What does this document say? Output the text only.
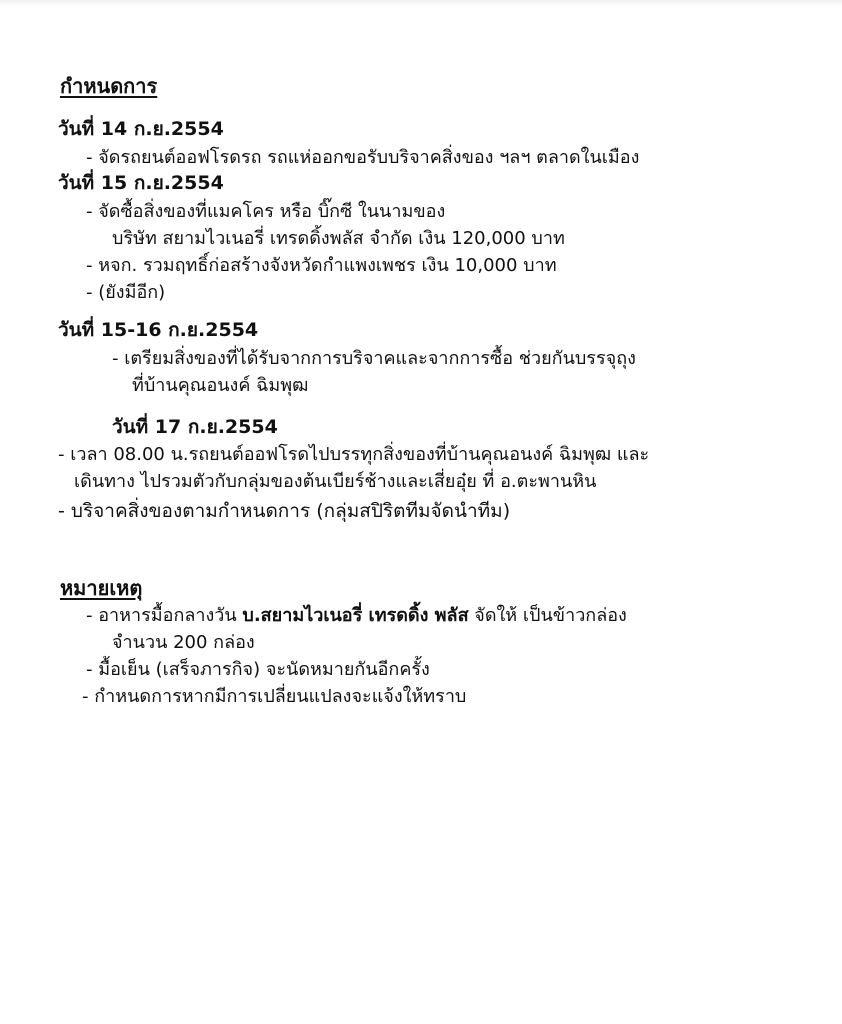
กำหนดการ
วันที่ 14 ก.ย.2554
- จัดรถยนต์ออฟโรดรถ รถแห่ออกขอรับบริจาคสิ่งของ ฯลฯ ตลาดในเมือง
วันที่ 15 ก.ย.2554
- จัดซื้อสิ่งของที่แมคโคร หรือ บิ๊กซี ในนามของ
บริษัท สยามไวเนอรี่ เทรดดิ้งพลัส จำกัด เงิน 120,000 บาท
- หจก. รวมฤทธิ์ก่อสร้างจังหวัดกำแพงเพชร เงิน 10,000 บาท
- (ยังมีอีก)
วันที่ 15-16 ก.ย.2554
- เตรียมสิ่งของที่ได้รับจากการบริจาคและจากการซื้อ ช่วยกันบรรจุถุง
ที่บ้านคุณอนงค์ ฉิมพุฒ
วันที่ 17 ก.ย.2554
- เวลา 08.00 น.รถยนต์ออฟโรดไปบรรทุกสิ่งของที่บ้านคุณอนงค์ ฉิมพุฒ และ
เดินทาง ไปรวมตัวกับกลุ่มของต้นเบียร์ช้างและเสี่ยอุ๋ย ที่ อ.ตะพานหิน
- บริจาคสิ่งของตามกำหนดการ (กลุ่มสปิริตทีมจัดนำทีม)
หมายเหตุ
- อาหารมื้อกลางวัน บ.สยามไวเนอรี่ เทรดดิ้ง พลัส จัดให้ เป็นข้าวกล่อง
จำนวน 200 กล่อง
- มื้อเย็น (เสร็จภารกิจ) จะนัดหมายกันอีกครั้ง
- กำหนดการหากมีการเปลี่ยนแปลงจะแจ้งให้ทราบ
